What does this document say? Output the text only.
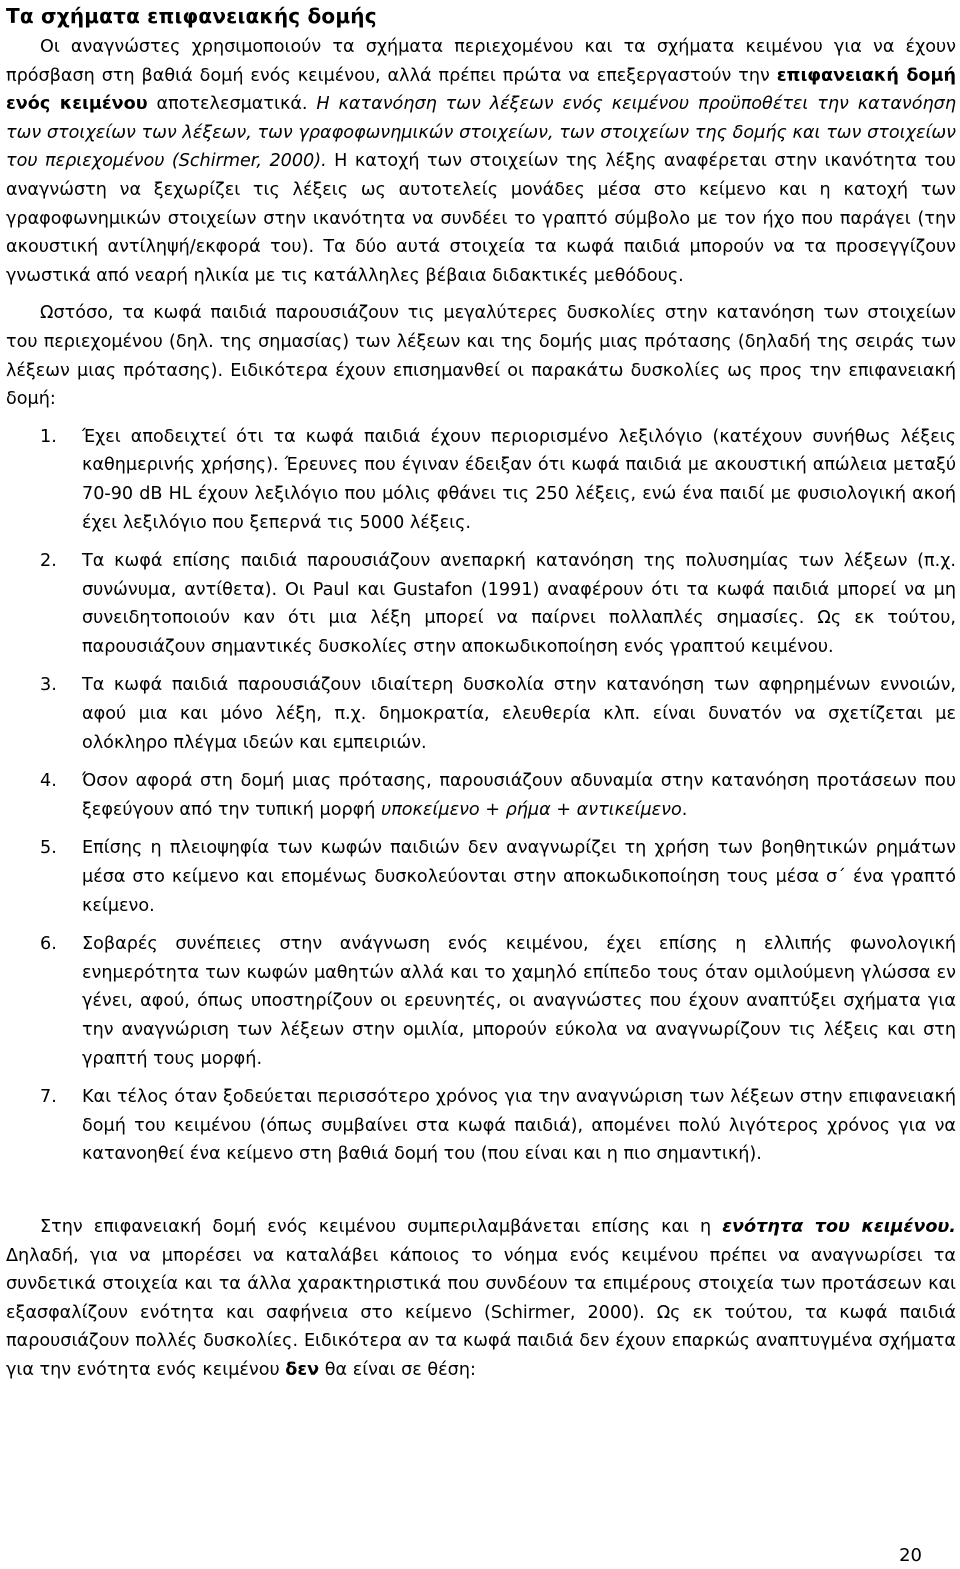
Τα σχήματα επιφανειακής δομής

Οι αναγνώστες χρησιμοποιούν τα σχήματα περιεχομένου και τα σχήματα κειμένου για να έχουν πρόσβαση στη βαθιά δομή ενός κειμένου, αλλά πρέπει πρώτα να επεξεργαστούν την επιφανειακή δομή ενός κειμένου αποτελεσματικά. Η κατανόηση των λέξεων ενός κειμένου προϋποθέτει την κατανόηση των στοιχείων των λέξεων, των γραφοφωνημικών στοιχείων, των στοιχείων της δομής και των στοιχείων του περιεχομένου (Schirmer, 2000). Η κατοχή των στοιχείων της λέξης αναφέρεται στην ικανότητα του αναγνώστη να ξεχωρίζει τις λέξεις ως αυτοτελείς μονάδες μέσα στο κείμενο και η κατοχή των γραφοφωνημικών στοιχείων στην ικανότητα να συνδέει το γραπτό σύμβολο με τον ήχο που παράγει (την ακουστική αντίληψή/εκφορά του). Τα δύο αυτά στοιχεία τα κωφά παιδιά μπορούν να τα προσεγγίζουν γνωστικά από νεαρή ηλικία με τις κατάλληλες βέβαια διδακτικές μεθόδους.

Ωστόσο, τα κωφά παιδιά παρουσιάζουν τις μεγαλύτερες δυσκολίες στην κατανόηση των στοιχείων του περιεχομένου (δηλ. της σημασίας) των λέξεων και της δομής μιας πρότασης (δηλαδή της σειράς των λέξεων μιας πρότασης). Ειδικότερα έχουν επισημανθεί οι παρακάτω δυσκολίες ως προς την επιφανειακή δομή:

1. Έχει αποδειχτεί ότι τα κωφά παιδιά έχουν περιορισμένο λεξιλόγιο (κατέχουν συνήθως λέξεις καθημερινής χρήσης). Έρευνες που έγιναν έδειξαν ότι κωφά παιδιά με ακουστική απώλεια μεταξύ 70-90 dB HL έχουν λεξιλόγιο που μόλις φθάνει τις 250 λέξεις, ενώ ένα παιδί με φυσιολογική ακοή έχει λεξιλόγιο που ξεπερνά τις 5000 λέξεις.
2. Τα κωφά επίσης παιδιά παρουσιάζουν ανεπαρκή κατανόηση της πολυσημίας των λέξεων (π.χ. συνώνυμα, αντίθετα). Οι Paul και Gustafon (1991) αναφέρουν ότι τα κωφά παιδιά μπορεί να μη συνειδητοποιούν καν ότι μια λέξη μπορεί να παίρνει πολλαπλές σημασίες. Ως εκ τούτου, παρουσιάζουν σημαντικές δυσκολίες στην αποκωδικοποίηση ενός γραπτού κειμένου.
3. Τα κωφά παιδιά παρουσιάζουν ιδιαίτερη δυσκολία στην κατανόηση των αφηρημένων εννοιών, αφού μια και μόνο λέξη, π.χ. δημοκρατία, ελευθερία κλπ. είναι δυνατόν να σχετίζεται με ολόκληρο πλέγμα ιδεών και εμπειριών.
4. Όσον αφορά στη δομή μιας πρότασης, παρουσιάζουν αδυναμία στην κατανόηση προτάσεων που ξεφεύγουν από την τυπική μορφή υποκείμενο + ρήμα + αντικείμενο.
5. Επίσης η πλειοψηφία των κωφών παιδιών δεν αναγνωρίζει τη χρήση των βοηθητικών ρημάτων μέσα στο κείμενο και επομένως δυσκολεύονται στην αποκωδικοποίηση τους μέσα σ΄ ένα γραπτό κείμενο.
6. Σοβαρές συνέπειες στην ανάγνωση ενός κειμένου, έχει επίσης η ελλιπής φωνολογική ενημερότητα των κωφών μαθητών αλλά και το χαμηλό επίπεδο τους όταν ομιλούμενη γλώσσα εν γένει, αφού, όπως υποστηρίζουν οι ερευνητές, οι αναγνώστες που έχουν αναπτύξει σχήματα για την αναγνώριση των λέξεων στην ομιλία, μπορούν εύκολα να αναγνωρίζουν τις λέξεις και στη γραπτή τους μορφή.
7. Και τέλος όταν ξοδεύεται περισσότερο χρόνος για την αναγνώριση των λέξεων στην επιφανειακή δομή του κειμένου (όπως συμβαίνει στα κωφά παιδιά), απομένει πολύ λιγότερος χρόνος για να κατανοηθεί ένα κείμενο στη βαθιά δομή του (που είναι και η πιο σημαντική).

Στην επιφανειακή δομή ενός κειμένου συμπεριλαμβάνεται επίσης και η ενότητα του κειμένου. Δηλαδή, για να μπορέσει να καταλάβει κάποιος το νόημα ενός κειμένου πρέπει να αναγνωρίσει τα συνδετικά στοιχεία και τα άλλα χαρακτηριστικά που συνδέουν τα επιμέρους στοιχεία των προτάσεων και εξασφαλίζουν ενότητα και σαφήνεια στο κείμενο (Schirmer, 2000). Ως εκ τούτου, τα κωφά παιδιά παρουσιάζουν πολλές δυσκολίες. Ειδικότερα αν τα κωφά παιδιά δεν έχουν επαρκώς αναπτυγμένα σχήματα για την ενότητα ενός κειμένου δεν θα είναι σε θέση:

20
